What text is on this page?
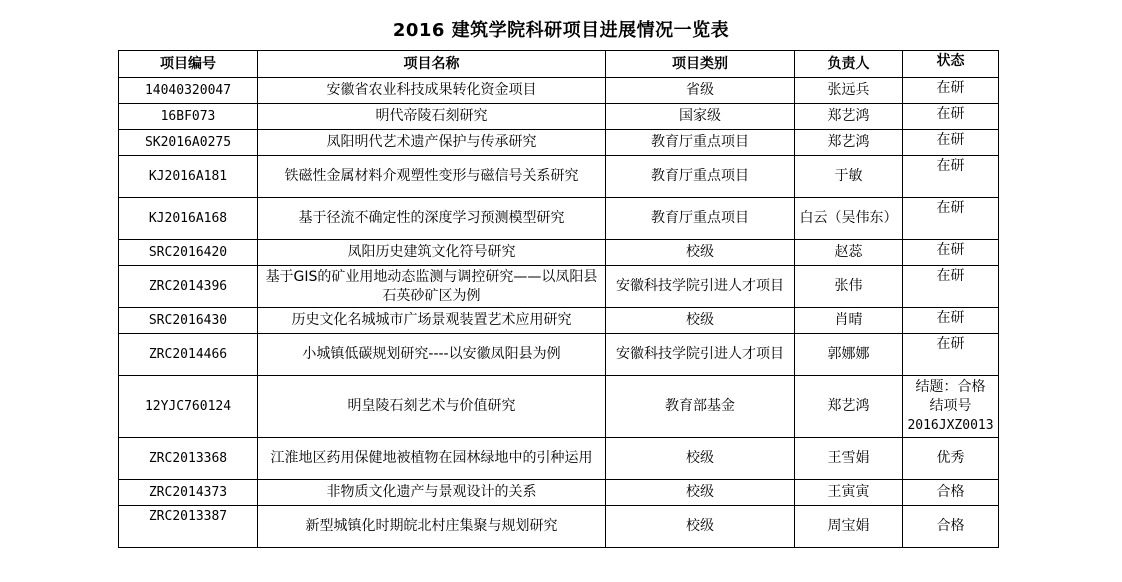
2016 建筑学院科研项目进展情况一览表
项目编号	项目名称	项目类别	负责人	状态
14040320047	安徽省农业科技成果转化资金项目	省级	张远兵	在研
16BF073	明代帝陵石刻研究	国家级	郑艺鸿	在研
SK2016A0275	凤阳明代艺术遗产保护与传承研究	教育厅重点项目	郑艺鸿	在研
KJ2016A181	铁磁性金属材料介观塑性变形与磁信号关系研究	教育厅重点项目	于敏	在研
KJ2016A168	基于径流不确定性的深度学习预测模型研究	教育厅重点项目	白云（吴伟东）	在研
SRC2016420	凤阳历史建筑文化符号研究	校级	赵蕊	在研
ZRC2014396	基于GIS的矿业用地动态监测与调控研究——以凤阳县石英砂矿区为例	安徽科技学院引进人才项目	张伟	在研
SRC2016430	历史文化名城城市广场景观装置艺术应用研究	校级	肖晴	在研
ZRC2014466	小城镇低碳规划研究----以安徽凤阳县为例	安徽科技学院引进人才项目	郭娜娜	在研
12YJC760124	明皇陵石刻艺术与价值研究	教育部基金	郑艺鸿	结题：合格
结项号
2016JXZ0013

ZRC2013368	江淮地区药用保健地被植物在园林绿地中的引种运用	校级	王雪娟	优秀
ZRC2014373	非物质文化遗产与景观设计的关系	校级	王寅寅	合格
ZRC2013387	新型城镇化时期皖北村庄集聚与规划研究	校级	周宝娟	合格
